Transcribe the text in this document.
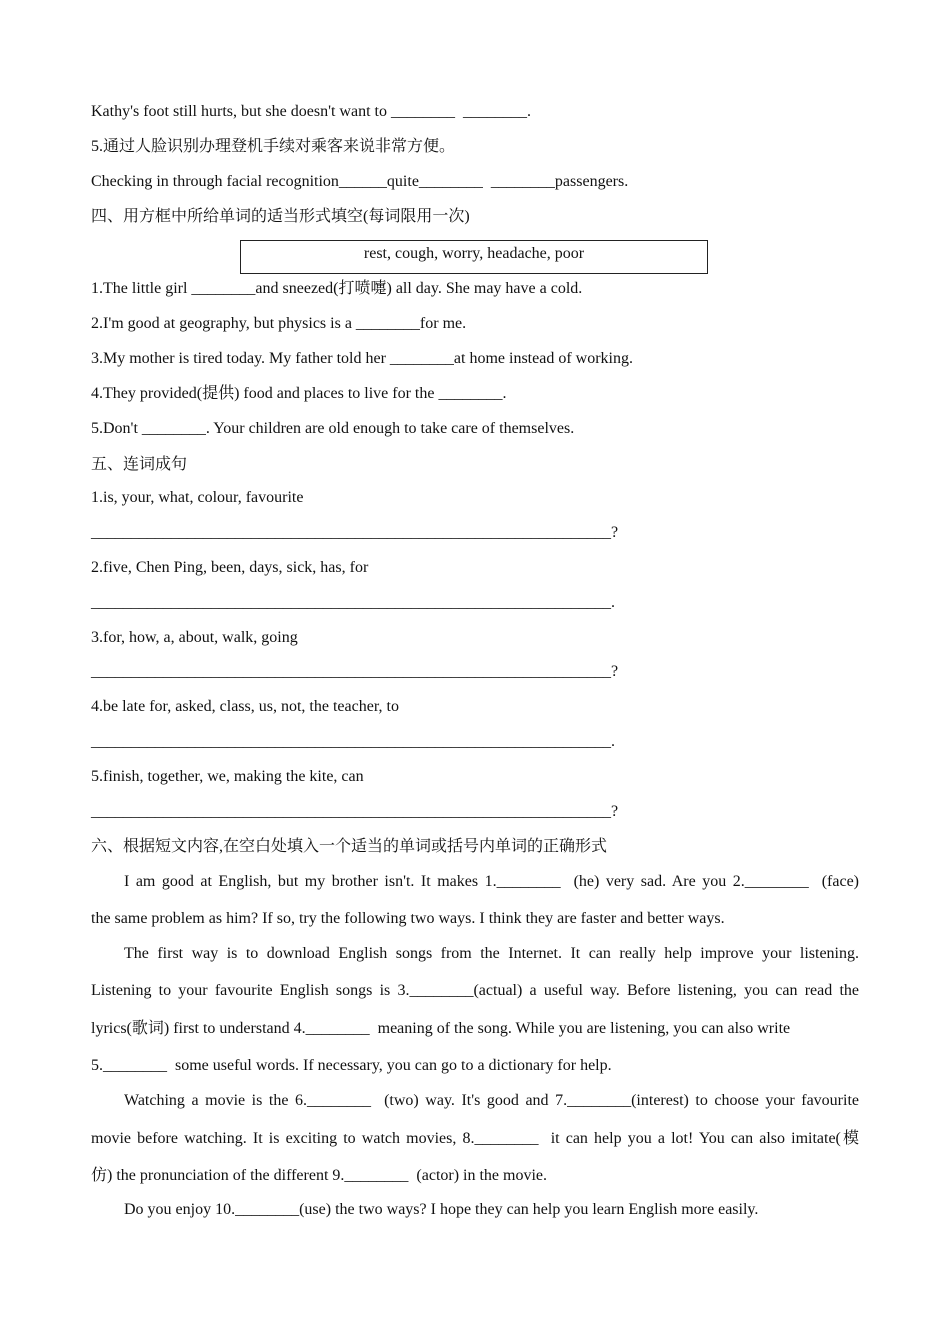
Kathy's foot still hurts, but she doesn't want to ________  ________.
5.通过人脸识别办理登机手续对乘客来说非常方便。
Checking in through facial recognition______quite________  ________passengers.
四、用方框中所给单词的适当形式填空(每词限用一次)
rest, cough, worry, headache, poor
1.The little girl ________and sneezed(打喷嚏) all day. She may have a cold.
2.I'm good at geography, but physics is a ________for me.
3.My mother is tired today. My father told her ________at home instead of working.
4.They provided(提供) food and places to live for the ________.
5.Don't ________. Your children are old enough to take care of themselves.
五、连词成句
1.is, your, what, colour, favourite
_________________________________________________________________?
2.five, Chen Ping, been, days, sick, has, for
_________________________________________________________________.
3.for, how, a, about, walk, going
_________________________________________________________________?
4.be late for, asked, class, us, not, the teacher, to
_________________________________________________________________.
5.finish, together, we, making the kite, can
_________________________________________________________________?
六、根据短文内容,在空白处填入一个适当的单词或括号内单词的正确形式
I am good at English, but my brother isn't. It makes 1.________  (he) very sad. Are you 2.________  (face)
the same problem as him? If so, try the following two ways. I think they are faster and better ways.
The first way is to download English songs from the Internet. It can really help improve your listening.
Listening to your favourite English songs is 3.________(actual) a useful way. Before listening, you can read the
lyrics(歌词) first to understand 4.________  meaning of the song. While you are listening, you can also write
5.________  some useful words. If necessary, you can go to a dictionary for help.
Watching a movie is the 6.________  (two) way. It's good and 7.________(interest) to choose your favourite
movie before watching. It is exciting to watch movies, 8.________  it can help you a lot! You can also imitate(模
仿) the pronunciation of the different 9.________  (actor) in the movie.
Do you enjoy 10.________(use) the two ways? I hope they can help you learn English more easily.
